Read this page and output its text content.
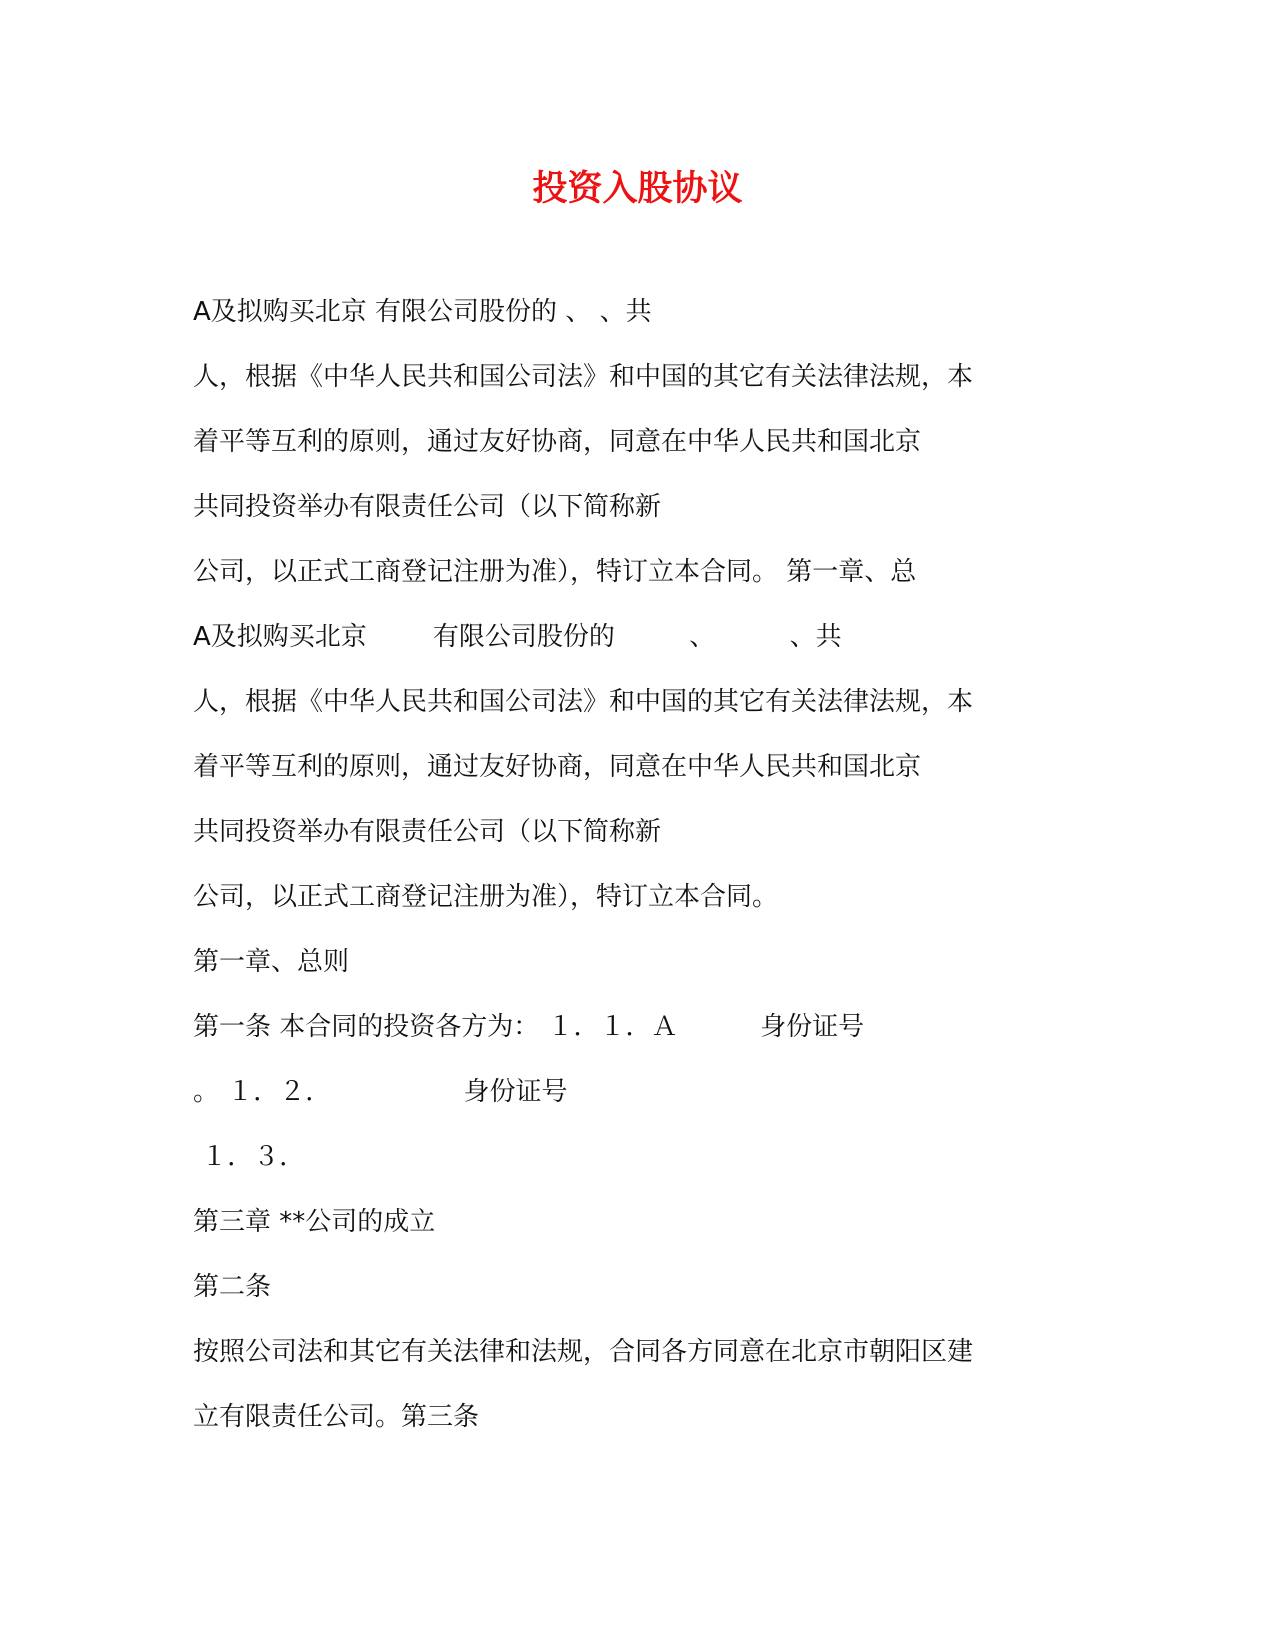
投资入股协议

A及拟购买北京 有限公司股份的 、 、共

人，根据《中华人民共和国公司法》和中国的其它有关法律法规，本

着平等互利的原则，通过友好协商，同意在中华人民共和国北京

共同投资举办有限责任公司（以下简称新

公司，以正式工商登记注册为准），特订立本合同。 第一章、总

A及拟购买北京        有限公司股份的         、         、共

人，根据《中华人民共和国公司法》和中国的其它有关法律法规，本

着平等互利的原则，通过友好协商，同意在中华人民共和国北京

共同投资举办有限责任公司（以下简称新

公司，以正式工商登记注册为准），特订立本合同。

第一章、总则

第一条 本合同的投资各方为： １．１．Ａ          身份证号

。 １．２．                身份证号

１．３．

第三章 **公司的成立

第二条

按照公司法和其它有关法律和法规，合同各方同意在北京市朝阳区建

立有限责任公司。第三条
